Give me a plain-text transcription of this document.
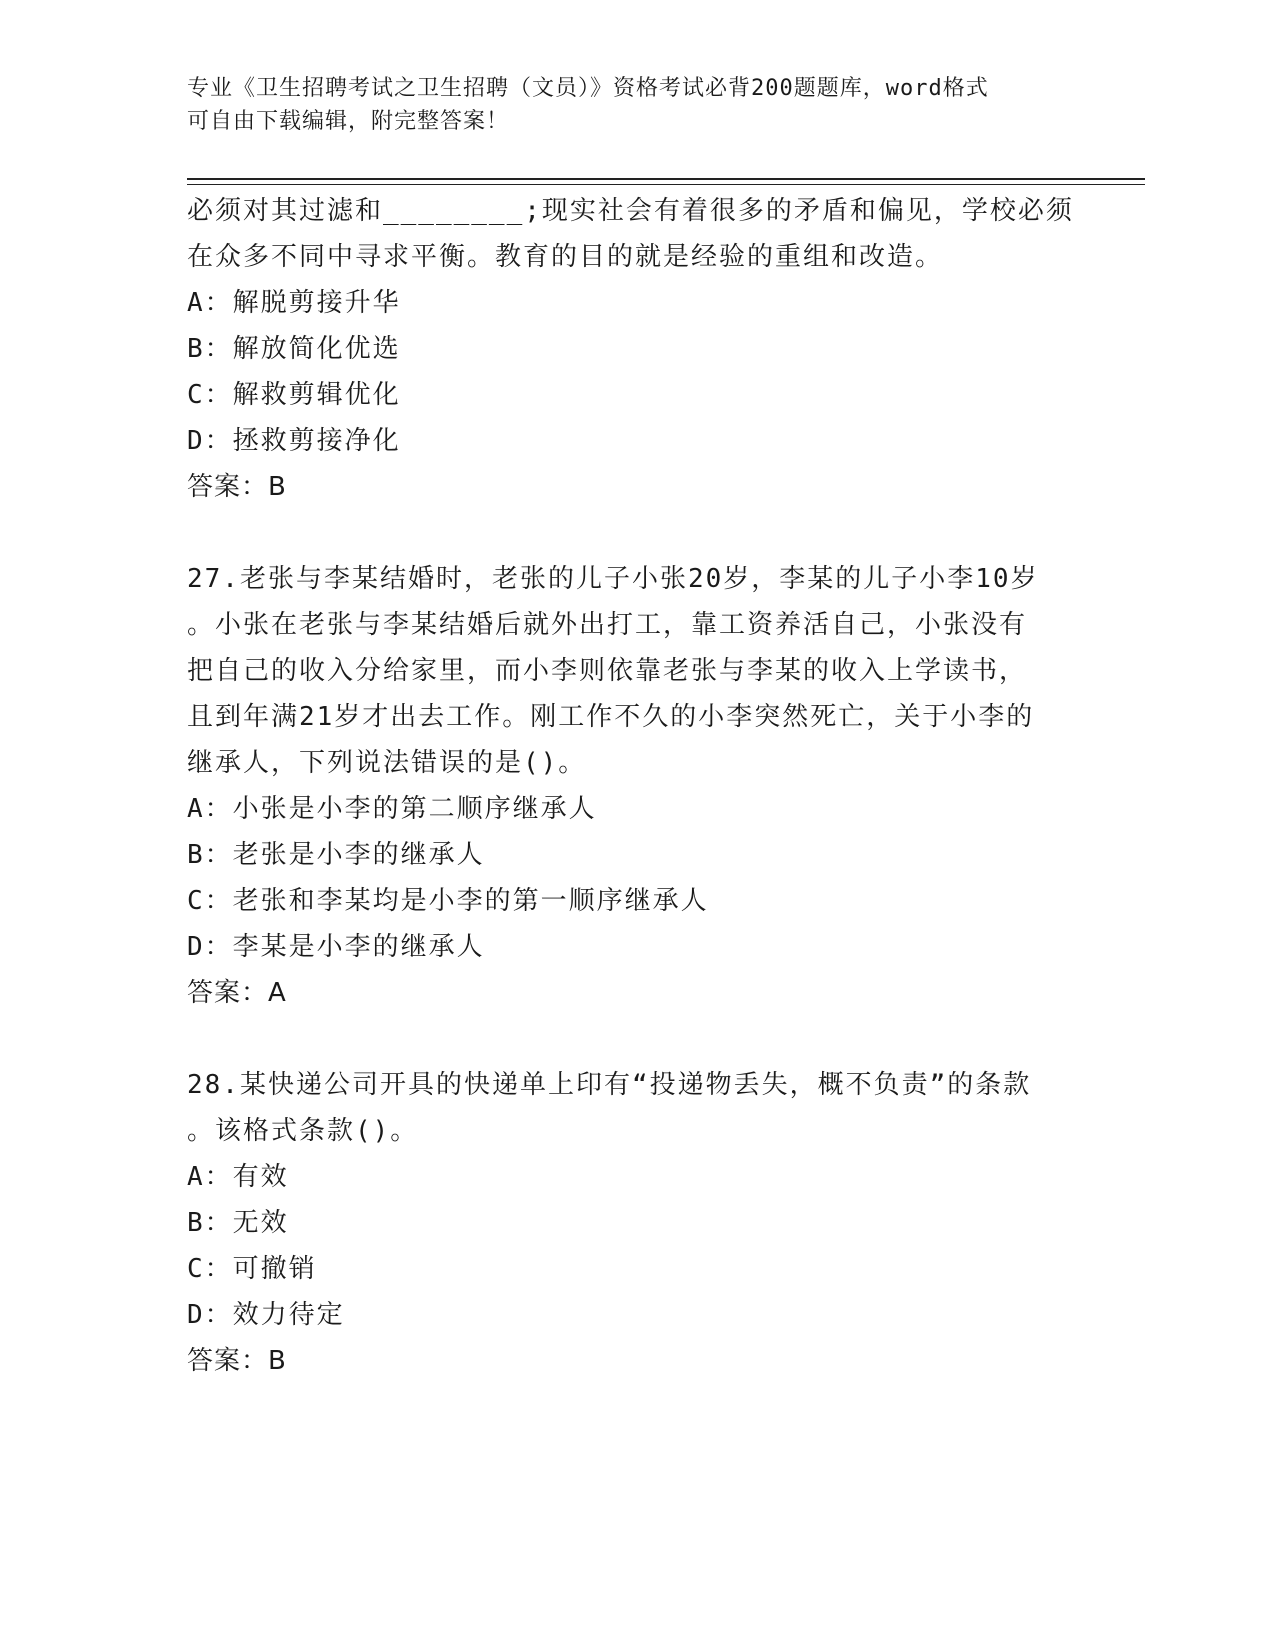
专业《卫生招聘考试之卫生招聘（文员）》资格考试必背200题题库，word格式
可自由下载编辑，附完整答案！
必须对其过滤和________;现实社会有着很多的矛盾和偏见，学校必须
在众多不同中寻求平衡。教育的目的就是经验的重组和改造。
A：解脱剪接升华
B：解放简化优选
C：解救剪辑优化
D：拯救剪接净化
答案：B
27.老张与李某结婚时，老张的儿子小张20岁，李某的儿子小李10岁
。小张在老张与李某结婚后就外出打工，靠工资养活自己，小张没有
把自己的收入分给家里，而小李则依靠老张与李某的收入上学读书，
且到年满21岁才出去工作。刚工作不久的小李突然死亡，关于小李的
继承人，下列说法错误的是()。
A：小张是小李的第二顺序继承人
B：老张是小李的继承人
C：老张和李某均是小李的第一顺序继承人
D：李某是小李的继承人
答案：A
28.某快递公司开具的快递单上印有“投递物丢失，概不负责”的条款
。该格式条款()。
A：有效
B：无效
C：可撤销
D：效力待定
答案：B
